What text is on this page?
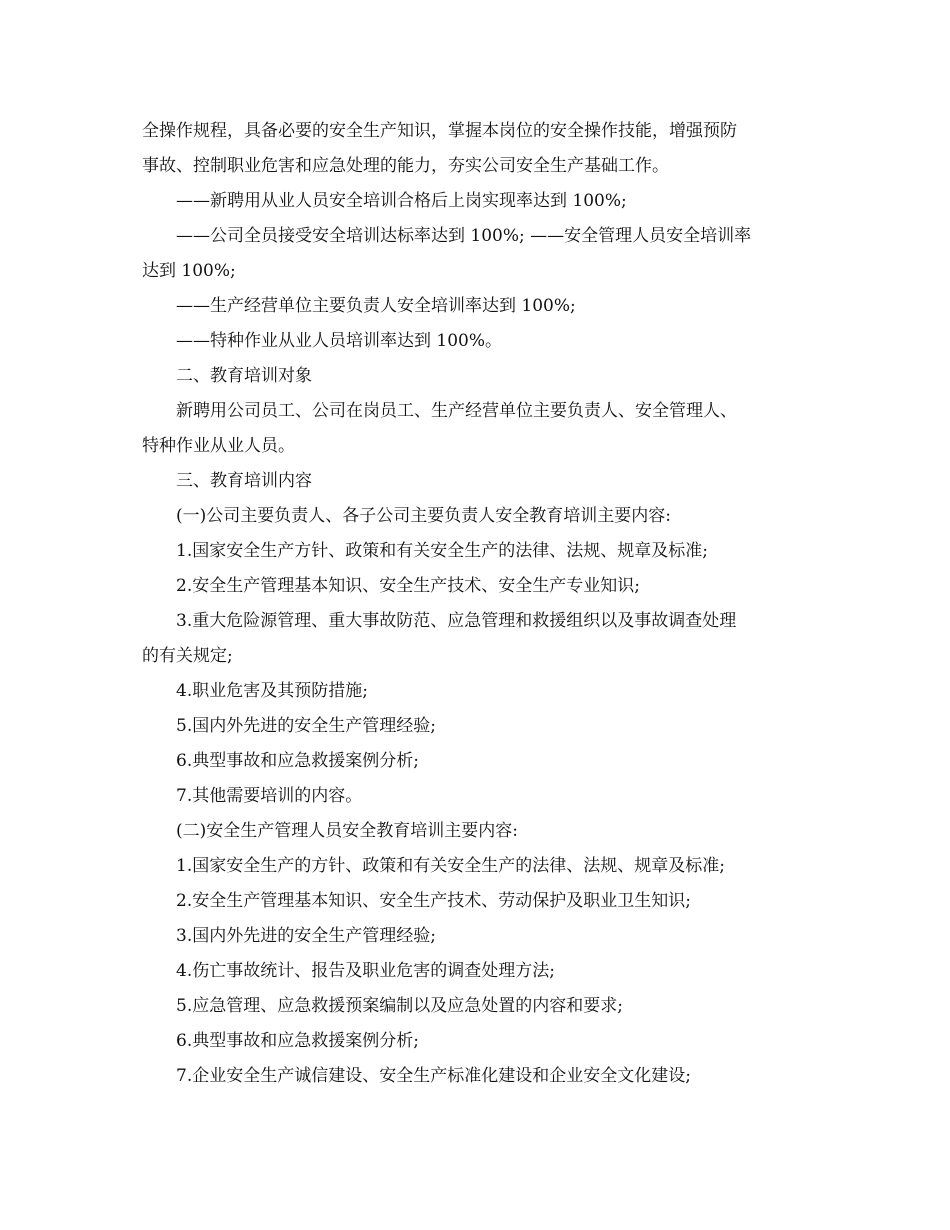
全操作规程，具备必要的安全生产知识，掌握本岗位的安全操作技能，增强预防

事故、控制职业危害和应急处理的能力，夯实公司安全生产基础工作。

——新聘用从业人员安全培训合格后上岗实现率达到 100%;

——公司全员接受安全培训达标率达到 100%; ——安全管理人员安全培训率

达到 100%;

——生产经营单位主要负责人安全培训率达到 100%;

——特种作业从业人员培训率达到 100%。

二、教育培训对象

新聘用公司员工、公司在岗员工、生产经营单位主要负责人、安全管理人、

特种作业从业人员。

三、教育培训内容

(一)公司主要负责人、各子公司主要负责人安全教育培训主要内容:

1.国家安全生产方针、政策和有关安全生产的法律、法规、规章及标准;

2.安全生产管理基本知识、安全生产技术、安全生产专业知识;

3.重大危险源管理、重大事故防范、应急管理和救援组织以及事故调查处理

的有关规定;

4.职业危害及其预防措施;

5.国内外先进的安全生产管理经验;

6.典型事故和应急救援案例分析;

7.其他需要培训的内容。

(二)安全生产管理人员安全教育培训主要内容:

1.国家安全生产的方针、政策和有关安全生产的法律、法规、规章及标准;

2.安全生产管理基本知识、安全生产技术、劳动保护及职业卫生知识;

3.国内外先进的安全生产管理经验;

4.伤亡事故统计、报告及职业危害的调查处理方法;

5.应急管理、应急救援预案编制以及应急处置的内容和要求;

6.典型事故和应急救援案例分析;

7.企业安全生产诚信建设、安全生产标准化建设和企业安全文化建设;
